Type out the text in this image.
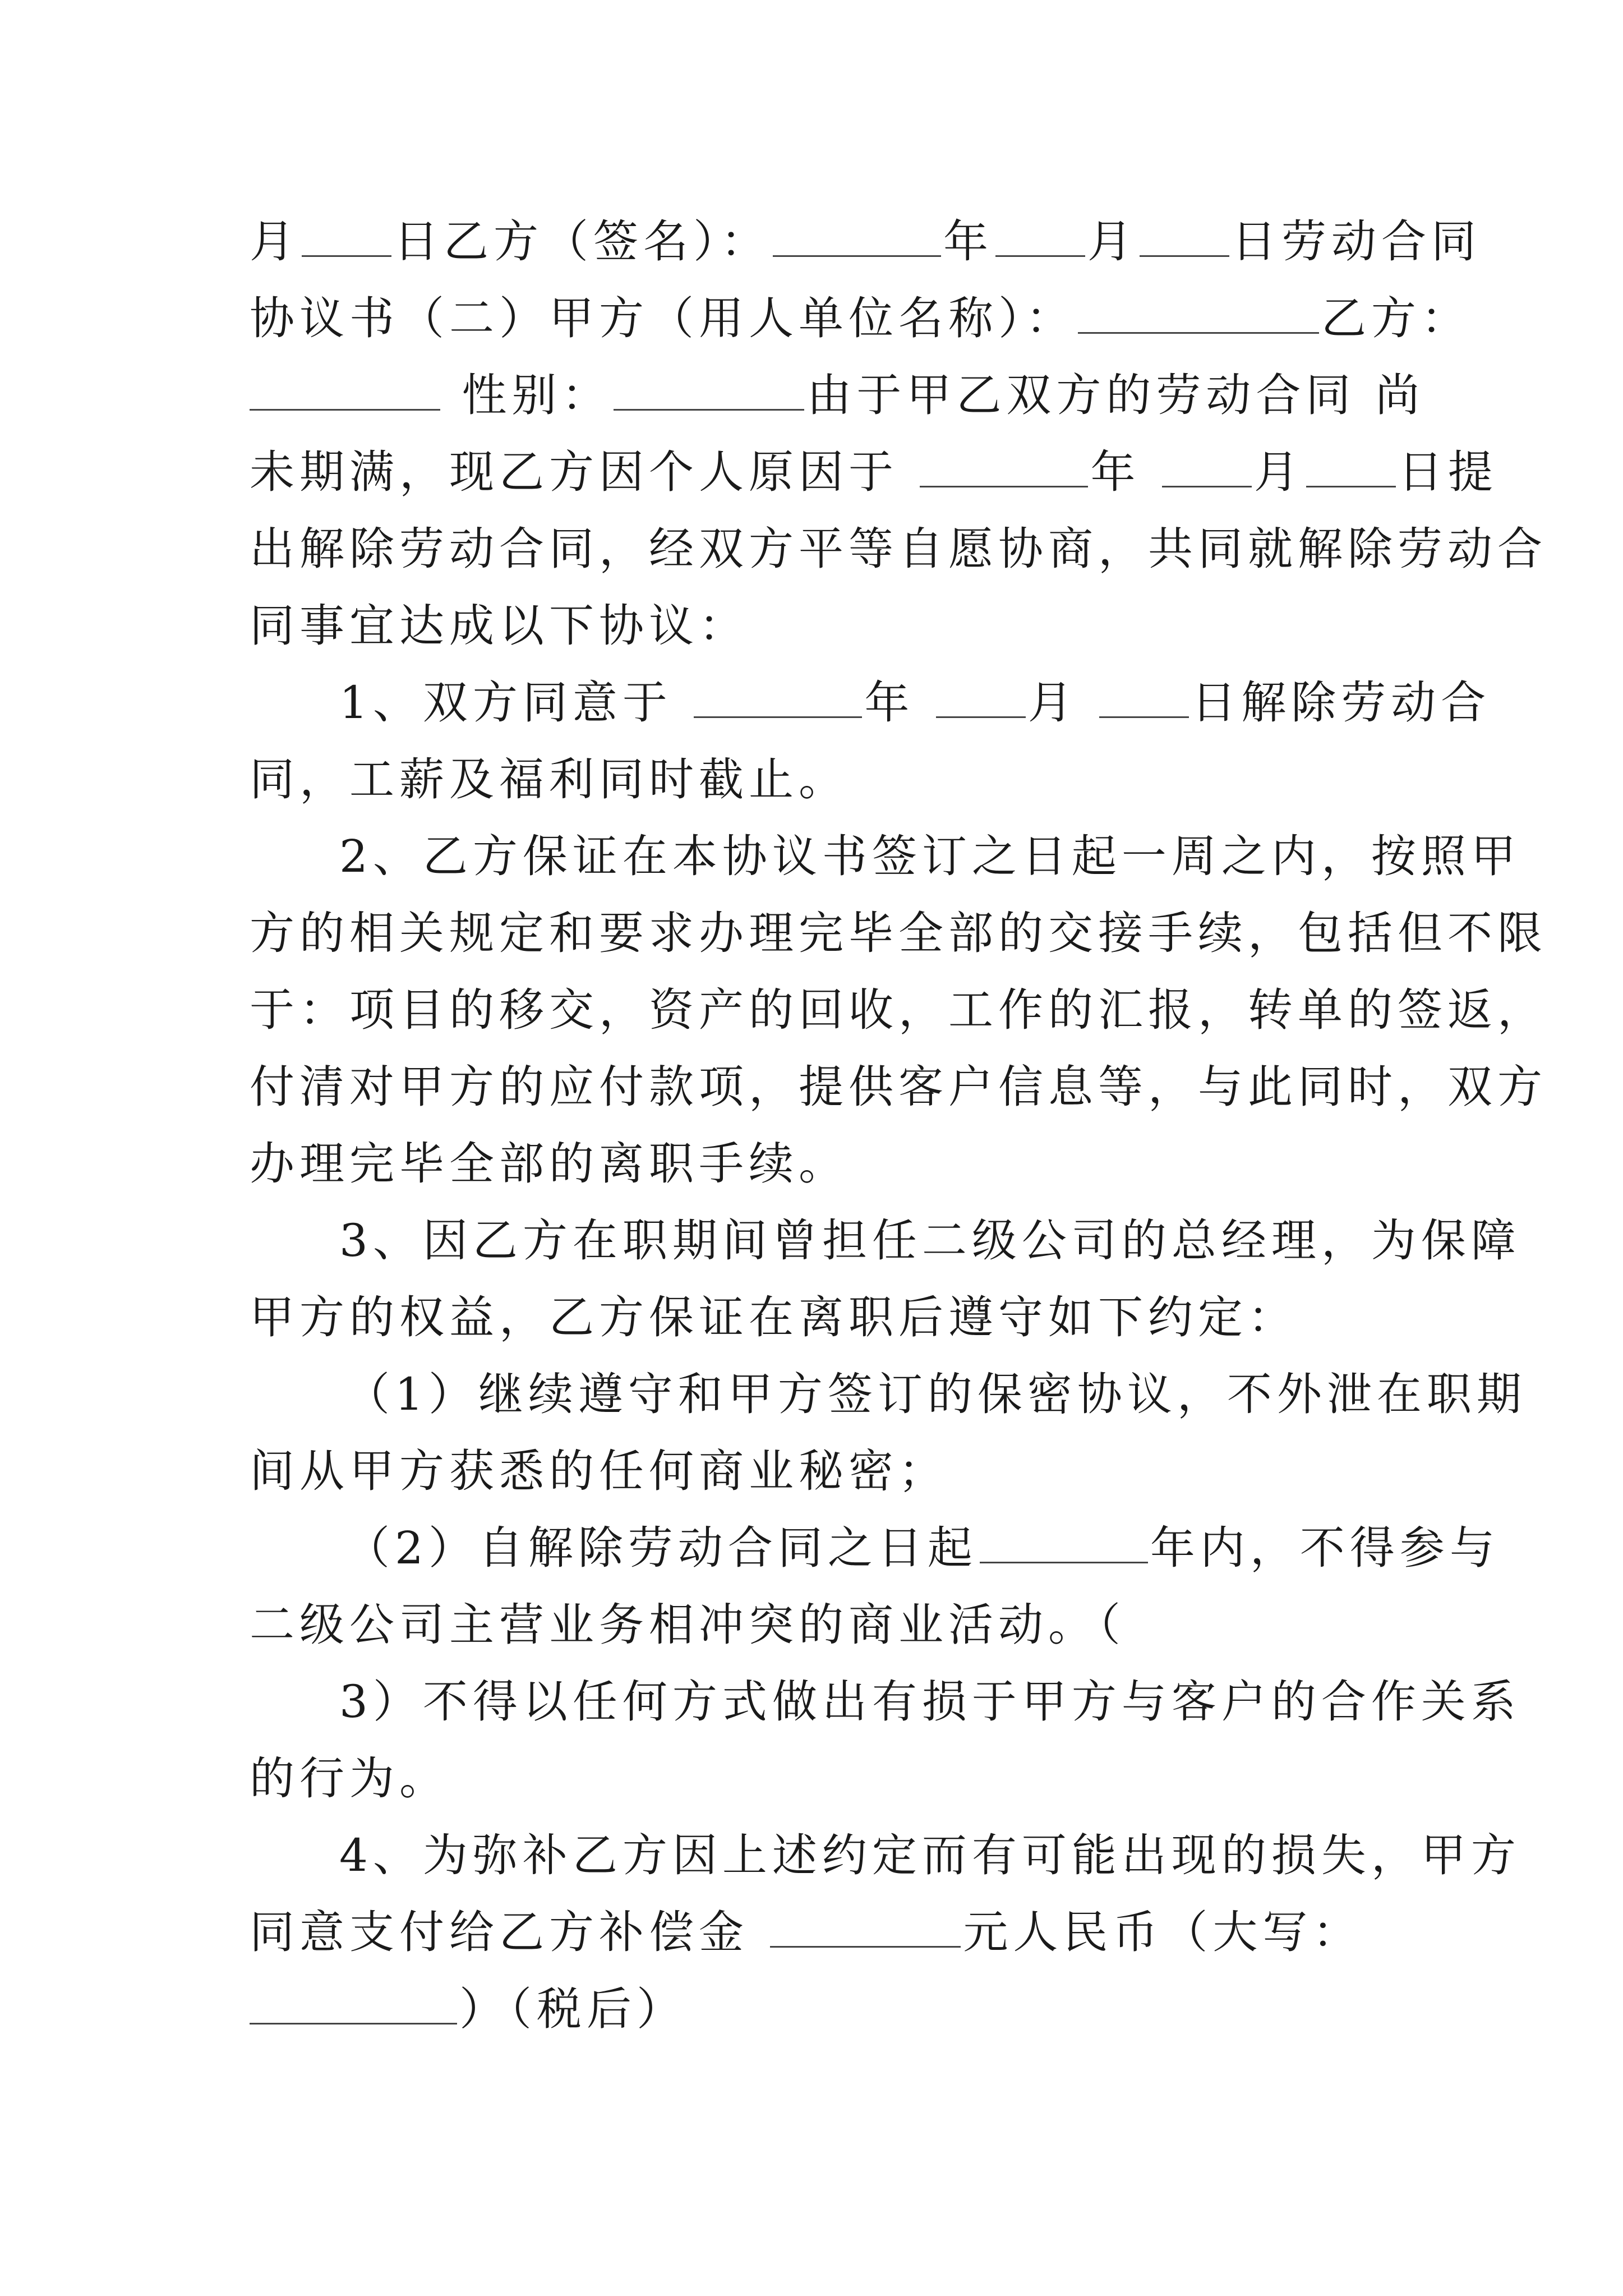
月 日乙方（签名）：	年 月 日劳动合同
协议书（二）甲方（用人单位名称）：	乙方：
性别：	由于甲乙双方的劳动合同 尚
未期满，现乙方因个人原因于	年 月 日提
出解除劳动合同，经双方平等自愿协商，共同就解除劳动合
同事宜达成以下协议：
1、双方同意于	年 月 日解除劳动合
同，工薪及福利同时截止。
2、乙方保证在本协议书签订之日起一周之内，按照甲
方的相关规定和要求办理完毕全部的交接手续，包括但不限
于：项目的移交，资产的回收，工作的汇报，转单的签返，
付清对甲方的应付款项，提供客户信息等，与此同时，双方
办理完毕全部的离职手续。
3、因乙方在职期间曾担任二级公司的总经理，为保障
甲方的权益，乙方保证在离职后遵守如下约定：
（1）继续遵守和甲方签订的保密协议，不外泄在职期
间从甲方获悉的任何商业秘密；
（2）自解除劳动合同之日起	年内，不得参与
二级公司主营业务相冲突的商业活动。（
3）不得以任何方式做出有损于甲方与客户的合作关系
的行为。
4、为弥补乙方因上述约定而有可能出现的损失，甲方
同意支付给乙方补偿金	元人民币（大写：
）（税后）
